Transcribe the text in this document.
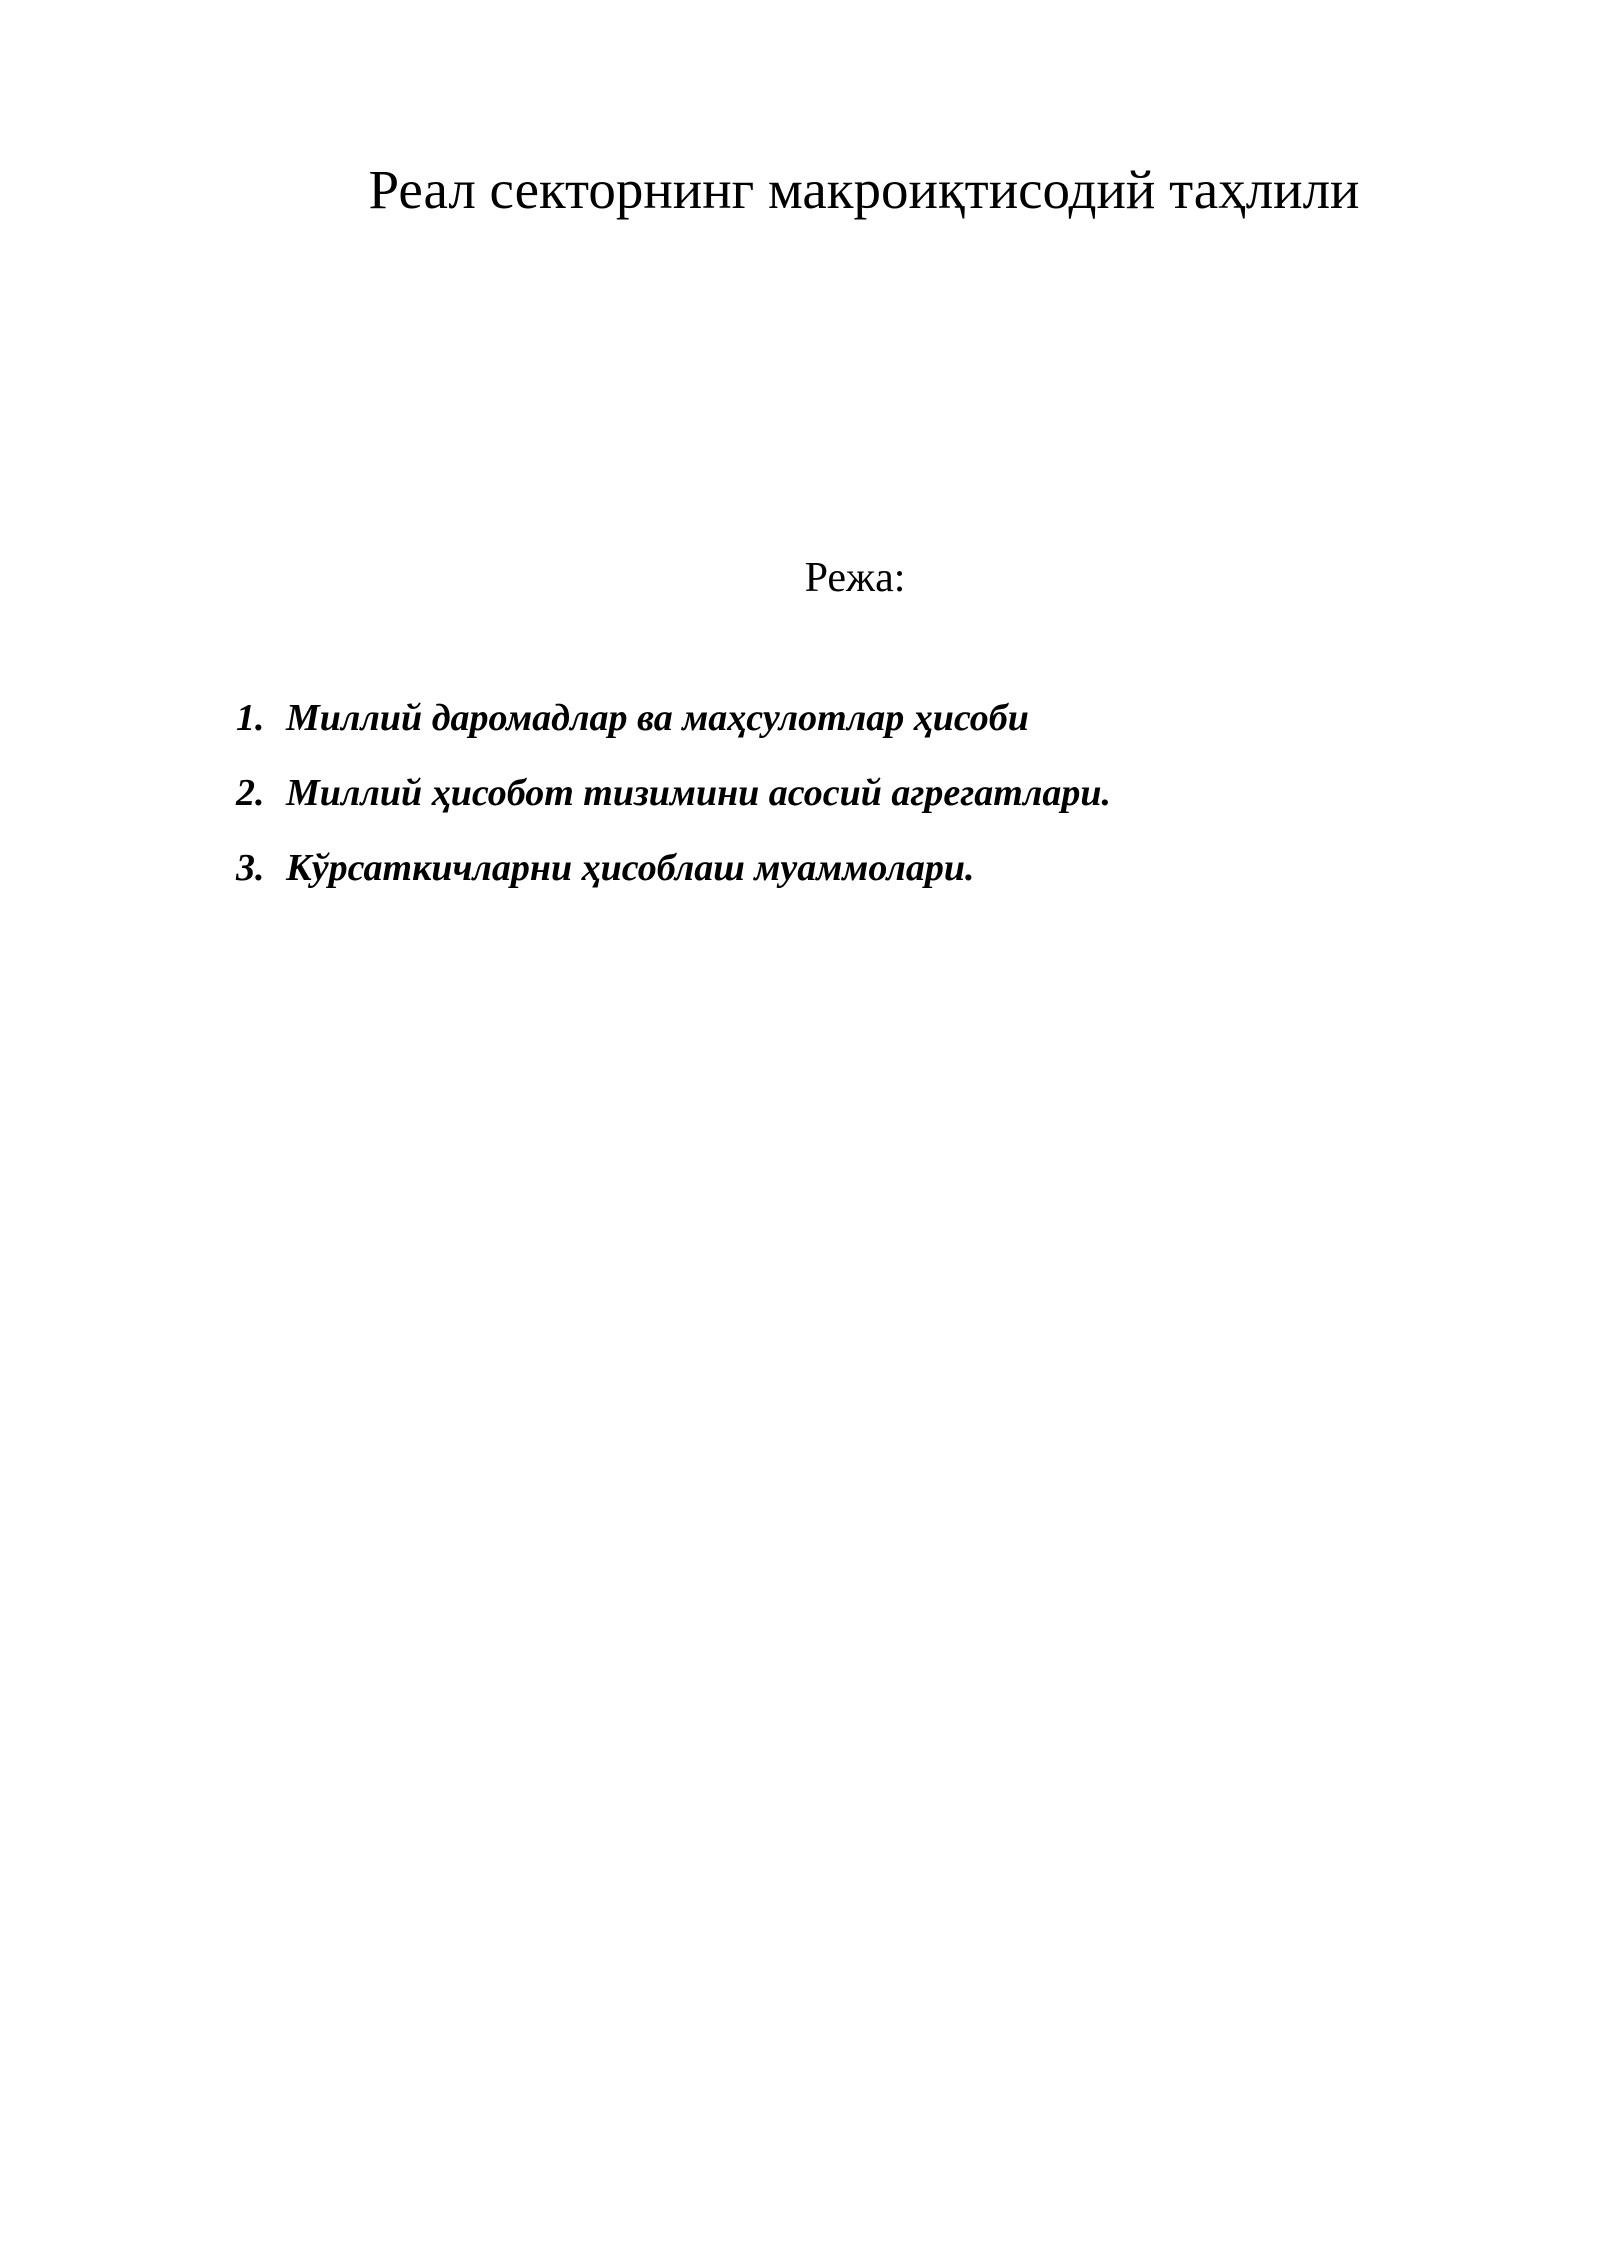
Реал секторнинг макроиқтисодий таҳлили
Режа:
1. Миллий даромадлар ва маҳсулотлар ҳисоби
2. Миллий ҳисобот тизимини асосий агрегатлари.
3. Кўрсаткичларни ҳисоблаш муаммолари.
